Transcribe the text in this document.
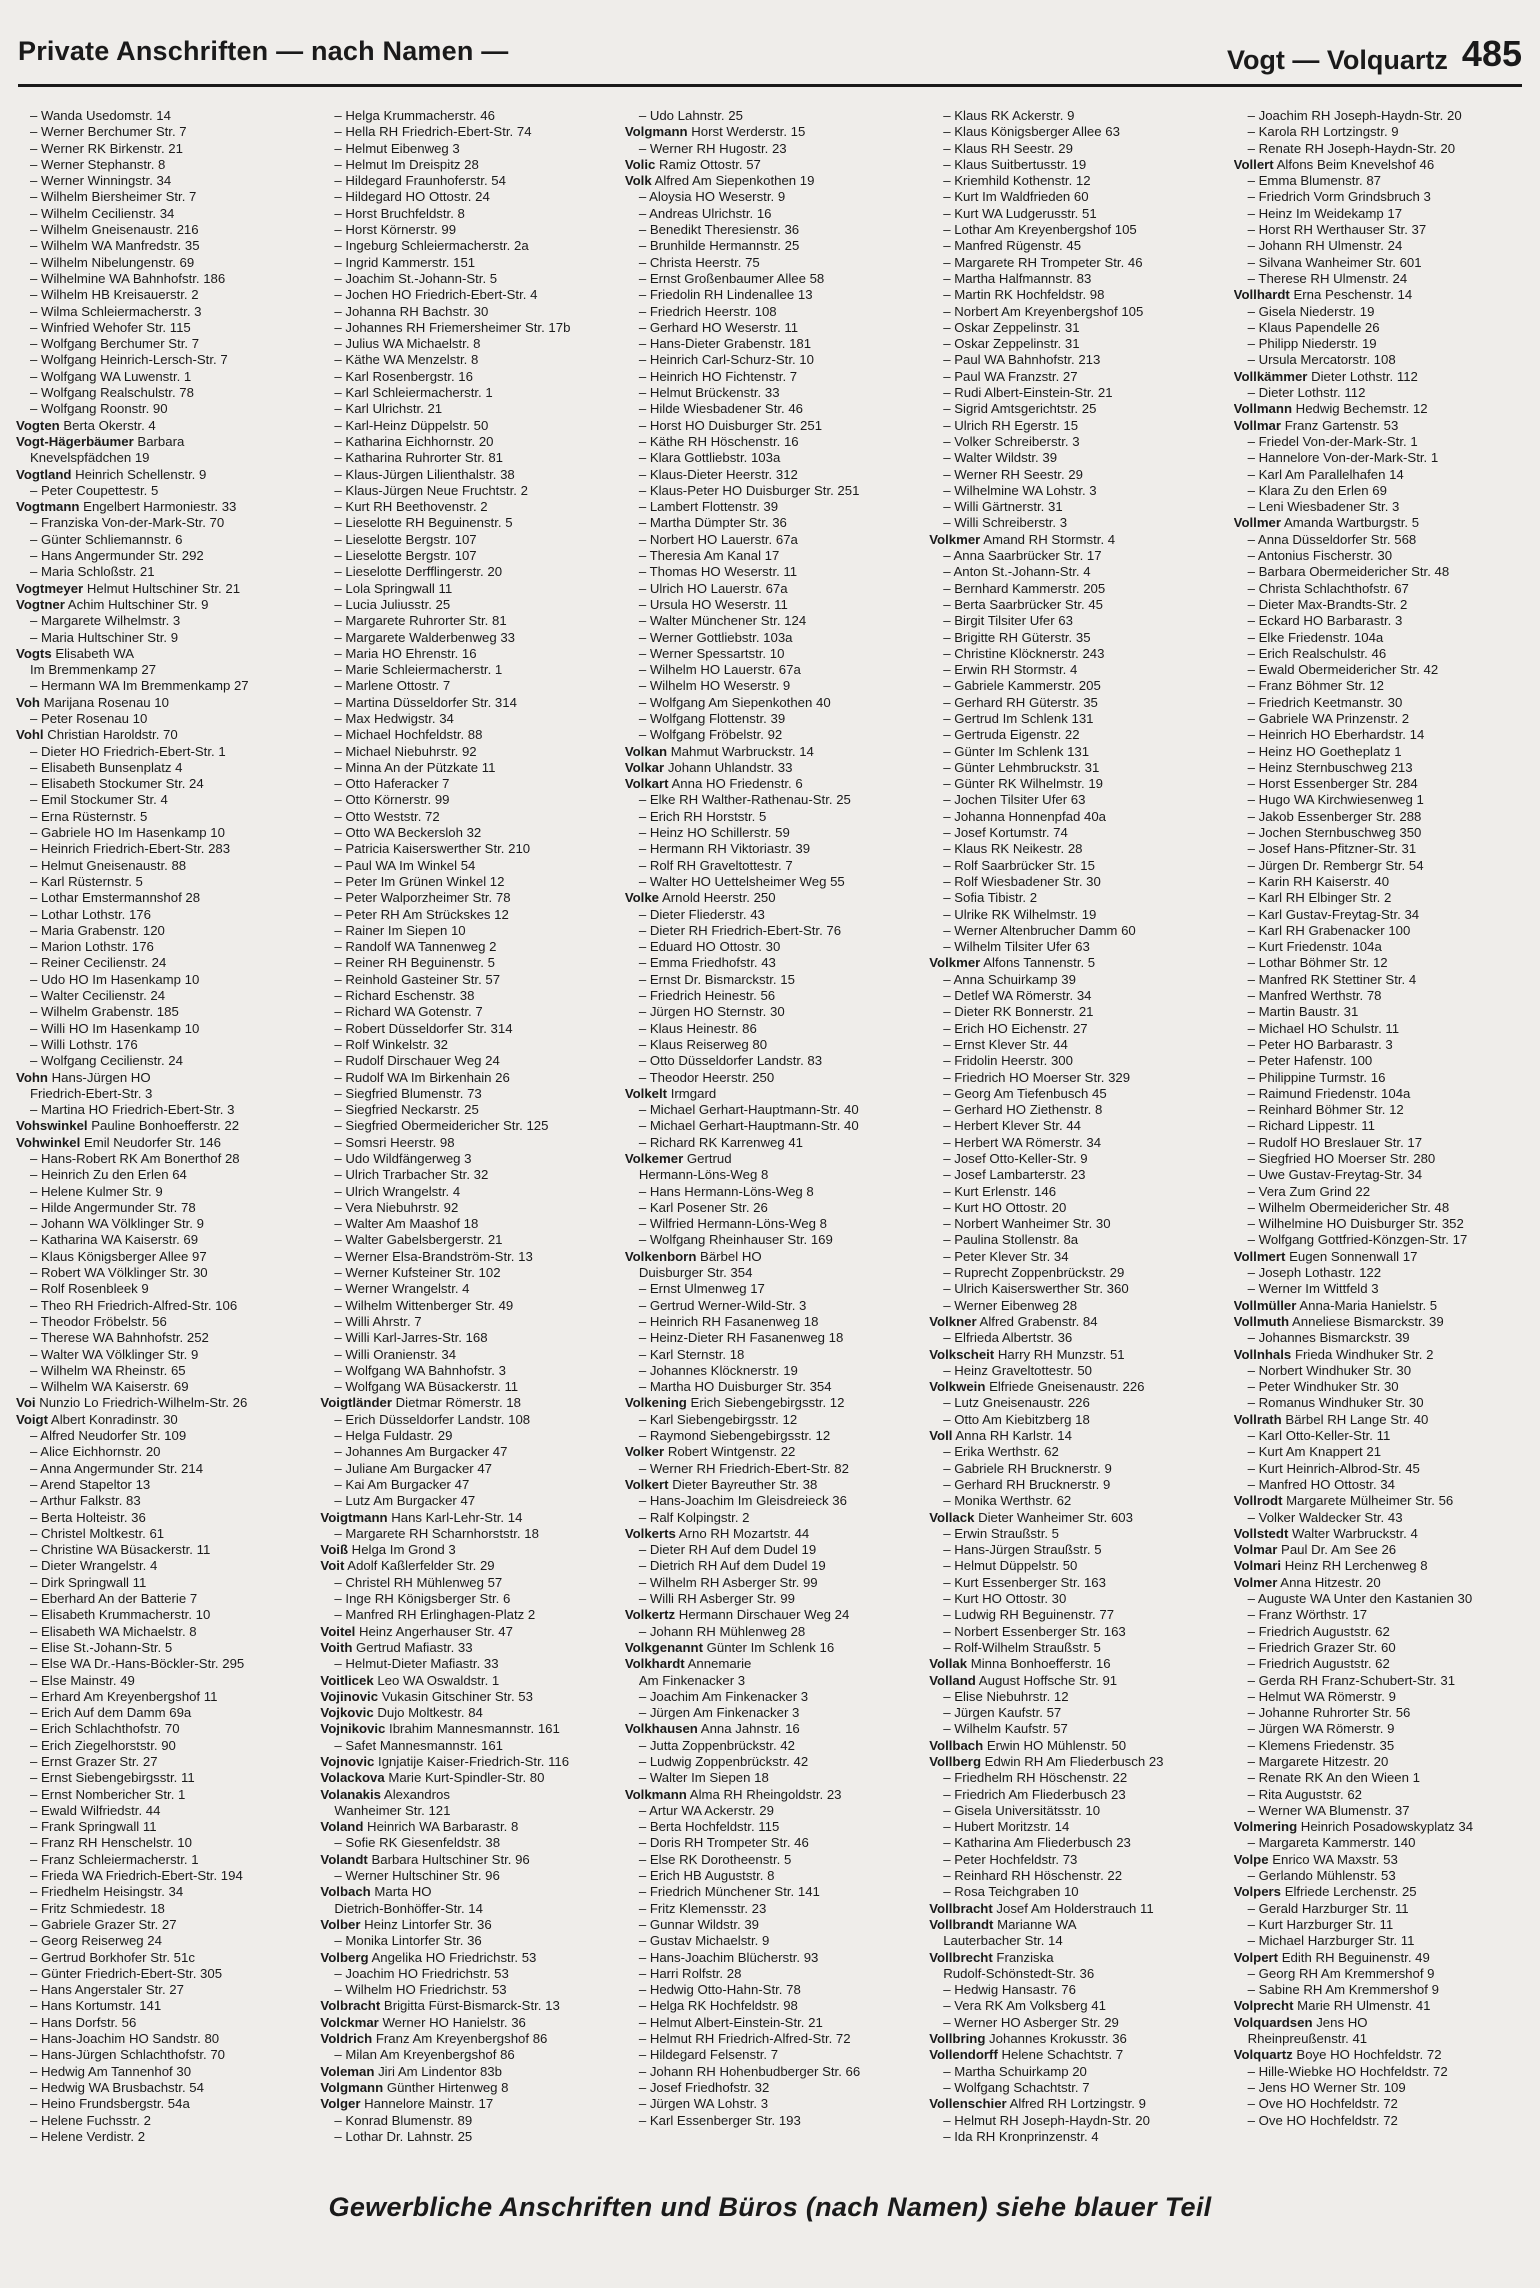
Private Anschriften — nach Namen —	Vogt — Volquartz 485
– Wanda Usedomstr. 14
– Werner Berchumer Str. 7
– Werner RK Birkenstr. 21
– Werner Stephanstr. 8
– Werner Winningstr. 34
– Wilhelm Biersheimer Str. 7
– Wilhelm Cecilienstr. 34
– Wilhelm Gneisenaustr. 216
– Wilhelm WA Manfredstr. 35
– Wilhelm Nibelungenstr. 69
– Wilhelmine WA Bahnhofstr. 186
– Wilhelm HB Kreisauerstr. 2
– Wilma Schleiermacherstr. 3
– Winfried Wehofer Str. 115
– Wolfgang Berchumer Str. 7
– Wolfgang Heinrich-Lersch-Str. 7
– Wolfgang WA Luwenstr. 1
– Wolfgang Realschulstr. 78
– Wolfgang Roonstr. 90
Vogten Berta Okerstr. 4
Vogt-Hägerbäumer Barbara
Knevelspfädchen 19
Vogtland Heinrich Schellenstr. 9
– Peter Coupettestr. 5
Vogtmann Engelbert Harmoniestr. 33
– Franziska Von-der-Mark-Str. 70
– Günter Schliemannstr. 6
– Hans Angermunder Str. 292
– Maria Schloßstr. 21
Vogtmeyer Helmut Hultschiner Str. 21
Vogtner Achim Hultschiner Str. 9
– Margarete Wilhelmstr. 3
– Maria Hultschiner Str. 9
Vogts Elisabeth WA
Im Bremmenkamp 27
– Hermann WA Im Bremmenkamp 27
Voh Marijana Rosenau 10
– Peter Rosenau 10
Vohl Christian Haroldstr. 70
– Dieter HO Friedrich-Ebert-Str. 1
– Elisabeth Bunsenplatz 4
– Elisabeth Stockumer Str. 24
– Emil Stockumer Str. 4
– Erna Rüsternstr. 5
– Gabriele HO Im Hasenkamp 10
– Heinrich Friedrich-Ebert-Str. 283
– Helmut Gneisenaustr. 88
– Karl Rüsternstr. 5
– Lothar Emstermannshof 28
– Lothar Lothstr. 176
– Maria Grabenstr. 120
– Marion Lothstr. 176
– Reiner Cecilienstr. 24
– Udo HO Im Hasenkamp 10
– Walter Cecilienstr. 24
– Wilhelm Grabenstr. 185
– Willi HO Im Hasenkamp 10
– Willi Lothstr. 176
– Wolfgang Cecilienstr. 24
Vohn Hans-Jürgen HO
Friedrich-Ebert-Str. 3
– Martina HO Friedrich-Ebert-Str. 3
Vohswinkel Pauline Bonhoefferstr. 22
Vohwinkel Emil Neudorfer Str. 146
– Hans-Robert RK Am Bonerthof 28
– Heinrich Zu den Erlen 64
– Helene Kulmer Str. 9
– Hilde Angermunder Str. 78
– Johann WA Völklinger Str. 9
– Katharina WA Kaiserstr. 69
– Klaus Königsberger Allee 97
– Robert WA Völklinger Str. 30
– Rolf Rosenbleek 9
– Theo RH Friedrich-Alfred-Str. 106
– Theodor Fröbelstr. 56
– Therese WA Bahnhofstr. 252
– Walter WA Völklinger Str. 9
– Wilhelm WA Rheinstr. 65
– Wilhelm WA Kaiserstr. 69
Voi Nunzio Lo Friedrich-Wilhelm-Str. 26
Voigt Albert Konradinstr. 30
– Alfred Neudorfer Str. 109
– Alice Eichhornstr. 20
– Anna Angermunder Str. 214
– Arend Stapeltor 13
– Arthur Falkstr. 83
– Berta Holteistr. 36
– Christel Moltkestr. 61
– Christine WA Büsackerstr. 11
– Dieter Wrangelstr. 4
– Dirk Springwall 11
– Eberhard An der Batterie 7
– Elisabeth Krummacherstr. 10
– Elisabeth WA Michaelstr. 8
– Elise St.-Johann-Str. 5
– Else WA Dr.-Hans-Böckler-Str. 295
– Else Mainstr. 49
– Erhard Am Kreyenbergshof 11
– Erich Auf dem Damm 69a
– Erich Schlachthofstr. 70
– Erich Ziegelhorststr. 90
– Ernst Grazer Str. 27
– Ernst Siebengebirgsstr. 11
– Ernst Nombericher Str. 1
– Ewald Wilfriedstr. 44
– Frank Springwall 11
– Franz RH Henschelstr. 10
– Franz Schleiermacherstr. 1
– Frieda WA Friedrich-Ebert-Str. 194
– Friedhelm Heisingstr. 34
– Fritz Schmiedestr. 18
– Gabriele Grazer Str. 27
– Georg Reiserweg 24
– Gertrud Borkhofer Str. 51c
– Günter Friedrich-Ebert-Str. 305
– Hans Angerstaler Str. 27
– Hans Kortumstr. 141
– Hans Dorfstr. 56
– Hans-Joachim HO Sandstr. 80
– Hans-Jürgen Schlachthofstr. 70
– Hedwig Am Tannenhof 30
– Hedwig WA Brusbachstr. 54
– Heino Frundsbergstr. 54a
– Helene Fuchsstr. 2
– Helene Verdistr. 2
– Helga Krummacherstr. 46
– Hella RH Friedrich-Ebert-Str. 74
– Helmut Eibenweg 3
– Helmut Im Dreispitz 28
– Hildegard Fraunhoferstr. 54
– Hildegard HO Ottostr. 24
– Horst Bruchfeldstr. 8
– Horst Körnerstr. 99
– Ingeburg Schleiermacherstr. 2a
– Ingrid Kammerstr. 151
– Joachim St.-Johann-Str. 5
– Jochen HO Friedrich-Ebert-Str. 4
– Johanna RH Bachstr. 30
– Johannes RH Friemersheimer Str. 17b
– Julius WA Michaelstr. 8
– Käthe WA Menzelstr. 8
– Karl Rosenbergstr. 16
– Karl Schleiermacherstr. 1
– Karl Ulrichstr. 21
– Karl-Heinz Düppelstr. 50
– Katharina Eichhornstr. 20
– Katharina Ruhrorter Str. 81
– Klaus-Jürgen Lilienthalstr. 38
– Klaus-Jürgen Neue Fruchtstr. 2
– Kurt RH Beethovenstr. 2
– Lieselotte RH Beguinenstr. 5
– Lieselotte Bergstr. 107
– Lieselotte Bergstr. 107
– Lieselotte Derfflingerstr. 20
– Lola Springwall 11
– Lucia Juliusstr. 25
– Margarete Ruhrorter Str. 81
– Margarete Walderbenweg 33
– Maria HO Ehrenstr. 16
– Marie Schleiermacherstr. 1
– Marlene Ottostr. 7
– Martina Düsseldorfer Str. 314
– Max Hedwigstr. 34
– Michael Hochfeldstr. 88
– Michael Niebuhrstr. 92
– Minna An der Pützkate 11
– Otto Haferacker 7
– Otto Körnerstr. 99
– Otto Weststr. 72
– Otto WA Beckersloh 32
– Patricia Kaiserswerther Str. 210
– Paul WA Im Winkel 54
– Peter Im Grünen Winkel 12
– Peter Walporzheimer Str. 78
– Peter RH Am Strückskes 12
– Rainer Im Siepen 10
– Randolf WA Tannenweg 2
– Reiner RH Beguinenstr. 5
– Reinhold Gasteiner Str. 57
– Richard Eschenstr. 38
– Richard WA Gotenstr. 7
– Robert Düsseldorfer Str. 314
– Rolf Winkelstr. 32
– Rudolf Dirschauer Weg 24
– Rudolf WA Im Birkenhain 26
– Siegfried Blumenstr. 73
– Siegfried Neckarstr. 25
– Siegfried Obermeidericher Str. 125
– Somsri Heerstr. 98
– Udo Wildfängerweg 3
– Ulrich Trarbacher Str. 32
– Ulrich Wrangelstr. 4
– Vera Niebuhrstr. 92
– Walter Am Maashof 18
– Walter Gabelsbergerstr. 21
– Werner Elsa-Brandström-Str. 13
– Werner Kufsteiner Str. 102
– Werner Wrangelstr. 4
– Wilhelm Wittenberger Str. 49
– Willi Ahrstr. 7
– Willi Karl-Jarres-Str. 168
– Willi Oranienstr. 34
– Wolfgang WA Bahnhofstr. 3
– Wolfgang WA Büsackerstr. 11
Voigtländer Dietmar Römerstr. 18
– Erich Düsseldorfer Landstr. 108
– Helga Fuldastr. 29
– Johannes Am Burgacker 47
– Juliane Am Burgacker 47
– Kai Am Burgacker 47
– Lutz Am Burgacker 47
Voigtmann Hans Karl-Lehr-Str. 14
– Margarete RH Scharnhorststr. 18
Voiß Helga Im Grond 3
Voit Adolf Kaßlerfelder Str. 29
– Christel RH Mühlenweg 57
– Inge RH Königsberger Str. 6
– Manfred RH Erlinghagen-Platz 2
Voitel Heinz Angerhauser Str. 47
Voith Gertrud Mafiastr. 33
– Helmut-Dieter Mafiastr. 33
Voitlicek Leo WA Oswaldstr. 1
Vojinovic Vukasin Gitschiner Str. 53
Vojkovic Dujo Moltkestr. 84
Vojnikovic Ibrahim Mannesmannstr. 161
– Safet Mannesmannstr. 161
Vojnovic Ignjatije Kaiser-Friedrich-Str. 116
Volackova Marie Kurt-Spindler-Str. 80
Volanakis Alexandros
Wanheimer Str. 121
Voland Heinrich WA Barbarastr. 8
– Sofie RK Giesenfeldstr. 38
Volandt Barbara Hultschiner Str. 96
– Werner Hultschiner Str. 96
Volbach Marta HO
Dietrich-Bonhöffer-Str. 14
Volber Heinz Lintorfer Str. 36
– Monika Lintorfer Str. 36
Volberg Angelika HO Friedrichstr. 53
– Joachim HO Friedrichstr. 53
– Wilhelm HO Friedrichstr. 53
Volbracht Brigitta Fürst-Bismarck-Str. 13
Volckmar Werner HO Hanielstr. 36
Voldrich Franz Am Kreyenbergshof 86
– Milan Am Kreyenbergshof 86
Voleman Jiri Am Lindentor 83b
Volgmann Günther Hirtenweg 8
Volger Hannelore Mainstr. 17
– Konrad Blumenstr. 89
– Lothar Dr. Lahnstr. 25
– Udo Lahnstr. 25
Volgmann Horst Werderstr. 15
– Werner RH Hugostr. 23
Volic Ramiz Ottostr. 57
Volk Alfred Am Siepenkothen 19
– Aloysia HO Weserstr. 9
– Andreas Ulrichstr. 16
– Benedikt Theresienstr. 36
– Brunhilde Hermannstr. 25
– Christa Heerstr. 75
– Ernst Großenbaumer Allee 58
– Friedolin RH Lindenallee 13
– Friedrich Heerstr. 108
– Gerhard HO Weserstr. 11
– Hans-Dieter Grabenstr. 181
– Heinrich Carl-Schurz-Str. 10
– Heinrich HO Fichtenstr. 7
– Helmut Brückenstr. 33
– Hilde Wiesbadener Str. 46
– Horst HO Duisburger Str. 251
– Käthe RH Höschenstr. 16
– Klara Gottliebstr. 103a
– Klaus-Dieter Heerstr. 312
– Klaus-Peter HO Duisburger Str. 251
– Lambert Flottenstr. 39
– Martha Dümpter Str. 36
– Norbert HO Lauerstr. 67a
– Theresia Am Kanal 17
– Thomas HO Weserstr. 11
– Ulrich HO Lauerstr. 67a
– Ursula HO Weserstr. 11
– Walter Münchener Str. 124
– Werner Gottliebstr. 103a
– Werner Spessartstr. 10
– Wilhelm HO Lauerstr. 67a
– Wilhelm HO Weserstr. 9
– Wolfgang Am Siepenkothen 40
– Wolfgang Flottenstr. 39
– Wolfgang Fröbelstr. 92
Volkan Mahmut Warbruckstr. 14
Volkar Johann Uhlandstr. 33
Volkart Anna HO Friedenstr. 6
– Elke RH Walther-Rathenau-Str. 25
– Erich RH Horststr. 5
– Heinz HO Schillerstr. 59
– Hermann RH Viktoriastr. 39
– Rolf RH Graveltottestr. 7
– Walter HO Uettelsheimer Weg 55
Volke Arnold Heerstr. 250
– Dieter Fliederstr. 43
– Dieter RH Friedrich-Ebert-Str. 76
– Eduard HO Ottostr. 30
– Emma Friedhofstr. 43
– Ernst Dr. Bismarckstr. 15
– Friedrich Heinestr. 56
– Jürgen HO Sternstr. 30
– Klaus Heinestr. 86
– Klaus Reiserweg 80
– Otto Düsseldorfer Landstr. 83
– Theodor Heerstr. 250
Volkelt Irmgard
– Michael Gerhart-Hauptmann-Str. 40
– Michael Gerhart-Hauptmann-Str. 40
– Richard RK Karrenweg 41
Volkemer Gertrud
Hermann-Löns-Weg 8
– Hans Hermann-Löns-Weg 8
– Karl Posener Str. 26
– Wilfried Hermann-Löns-Weg 8
– Wolfgang Rheinhauser Str. 169
Volkenborn Bärbel HO
Duisburger Str. 354
– Ernst Ulmenweg 17
– Gertrud Werner-Wild-Str. 3
– Heinrich RH Fasanenweg 18
– Heinz-Dieter RH Fasanenweg 18
– Karl Sternstr. 18
– Johannes Klöcknerstr. 19
– Martha HO Duisburger Str. 354
Volkening Erich Siebengebirgsstr. 12
– Karl Siebengebirgsstr. 12
– Raymond Siebengebirgsstr. 12
Volker Robert Wintgenstr. 22
– Werner RH Friedrich-Ebert-Str. 82
Volkert Dieter Bayreuther Str. 38
– Hans-Joachim Im Gleisdreieck 36
– Ralf Kolpingstr. 2
Volkerts Arno RH Mozartstr. 44
– Dieter RH Auf dem Dudel 19
– Dietrich RH Auf dem Dudel 19
– Wilhelm RH Asberger Str. 99
– Willi RH Asberger Str. 99
Volkertz Hermann Dirschauer Weg 24
– Johann RH Mühlenweg 28
Volkgenannt Günter Im Schlenk 16
Volkhardt Annemarie
Am Finkenacker 3
– Joachim Am Finkenacker 3
– Jürgen Am Finkenacker 3
Volkhausen Anna Jahnstr. 16
– Jutta Zoppenbrückstr. 42
– Ludwig Zoppenbrückstr. 42
– Walter Im Siepen 18
Volkmann Alma RH Rheingoldstr. 23
– Artur WA Ackerstr. 29
– Berta Hochfeldstr. 115
– Doris RH Trompeter Str. 46
– Else RK Dorotheenstr. 5
– Erich HB Auguststr. 8
– Friedrich Münchener Str. 141
– Fritz Klemensstr. 23
– Gunnar Wildstr. 39
– Gustav Michaelstr. 9
– Hans-Joachim Blücherstr. 93
– Harri Rolfstr. 28
– Hedwig Otto-Hahn-Str. 78
– Helga RK Hochfeldstr. 98
– Helmut Albert-Einstein-Str. 21
– Helmut RH Friedrich-Alfred-Str. 72
– Hildegard Felsenstr. 7
– Johann RH Hohenbudberger Str. 66
– Josef Friedhofstr. 32
– Jürgen WA Lohstr. 3
– Karl Essenberger Str. 193
– Klaus RK Ackerstr. 9
– Klaus Königsberger Allee 63
– Klaus RH Seestr. 29
– Klaus Suitbertusstr. 19
– Kriemhild Kothenstr. 12
– Kurt Im Waldfrieden 60
– Kurt WA Ludgerusstr. 51
– Lothar Am Kreyenbergshof 105
– Manfred Rügenstr. 45
– Margarete RH Trompeter Str. 46
– Martha Halfmannstr. 83
– Martin RK Hochfeldstr. 98
– Norbert Am Kreyenbergshof 105
– Oskar Zeppelinstr. 31
– Oskar Zeppelinstr. 31
– Paul WA Bahnhofstr. 213
– Paul WA Franzstr. 27
– Rudi Albert-Einstein-Str. 21
– Sigrid Amtsgerichtstr. 25
– Ulrich RH Egerstr. 15
– Volker Schreiberstr. 3
– Walter Wildstr. 39
– Werner RH Seestr. 29
– Wilhelmine WA Lohstr. 3
– Willi Gärtnerstr. 31
– Willi Schreiberstr. 3
Volkmer Amand RH Stormstr. 4
– Anna Saarbrücker Str. 17
– Anton St.-Johann-Str. 4
– Bernhard Kammerstr. 205
– Berta Saarbrücker Str. 45
– Birgit Tilsiter Ufer 63
– Brigitte RH Güterstr. 35
– Christine Klöcknerstr. 243
– Erwin RH Stormstr. 4
– Gabriele Kammerstr. 205
– Gerhard RH Güterstr. 35
– Gertrud Im Schlenk 131
– Gertruda Eigenstr. 22
– Günter Im Schlenk 131
– Günter Lehmbruckstr. 31
– Günter RK Wilhelmstr. 19
– Jochen Tilsiter Ufer 63
– Johanna Honnenpfad 40a
– Josef Kortumstr. 74
– Klaus RK Neikestr. 28
– Rolf Saarbrücker Str. 15
– Rolf Wiesbadener Str. 30
– Sofia Tibistr. 2
– Ulrike RK Wilhelmstr. 19
– Werner Altenbrucher Damm 60
– Wilhelm Tilsiter Ufer 63
Volkmer Alfons Tannenstr. 5
– Anna Schuirkamp 39
– Detlef WA Römerstr. 34
– Dieter RK Bonnerstr. 21
– Erich HO Eichenstr. 27
– Ernst Klever Str. 44
– Fridolin Heerstr. 300
– Friedrich HO Moerser Str. 329
– Georg Am Tiefenbusch 45
– Gerhard HO Ziethenstr. 8
– Herbert Klever Str. 44
– Herbert WA Römerstr. 34
– Josef Otto-Keller-Str. 9
– Josef Lambarterstr. 23
– Kurt Erlenstr. 146
– Kurt HO Ottostr. 20
– Norbert Wanheimer Str. 30
– Paulina Stollenstr. 8a
– Peter Klever Str. 34
– Ruprecht Zoppenbrückstr. 29
– Ulrich Kaiserswerther Str. 360
– Werner Eibenweg 28
Volkner Alfred Grabenstr. 84
– Elfrieda Albertstr. 36
Volkscheit Harry RH Munzstr. 51
– Heinz Graveltottestr. 50
Volkwein Elfriede Gneisenaustr. 226
– Lutz Gneisenaustr. 226
– Otto Am Kiebitzberg 18
Voll Anna RH Karlstr. 14
– Erika Werthstr. 62
– Gabriele RH Brucknerstr. 9
– Gerhard RH Brucknerstr. 9
– Monika Werthstr. 62
Vollack Dieter Wanheimer Str. 603
– Erwin Straußstr. 5
– Hans-Jürgen Straußstr. 5
– Helmut Düppelstr. 50
– Kurt Essenberger Str. 163
– Kurt HO Ottostr. 30
– Ludwig RH Beguinenstr. 77
– Norbert Essenberger Str. 163
– Rolf-Wilhelm Straußstr. 5
Vollak Minna Bonhoefferstr. 16
Volland August Hoffsche Str. 91
– Elise Niebuhrstr. 12
– Jürgen Kaufstr. 57
– Wilhelm Kaufstr. 57
Vollbach Erwin HO Mühlenstr. 50
Vollberg Edwin RH Am Fliederbusch 23
– Friedhelm RH Höschenstr. 22
– Friedrich Am Fliederbusch 23
– Gisela Universitätsstr. 10
– Hubert Moritzstr. 14
– Katharina Am Fliederbusch 23
– Peter Hochfeldstr. 73
– Reinhard RH Höschenstr. 22
– Rosa Teichgraben 10
Vollbracht Josef Am Holderstrauch 11
Vollbrandt Marianne WA
Lauterbacher Str. 14
Vollbrecht Franziska
Rudolf-Schönstedt-Str. 36
– Hedwig Hansastr. 76
– Vera RK Am Volksberg 41
– Werner HO Asberger Str. 29
Vollbring Johannes Krokusstr. 36
Vollendorff Helene Schachtstr. 7
– Martha Schuirkamp 20
– Wolfgang Schachtstr. 7
Vollenschier Alfred RH Lortzingstr. 9
– Helmut RH Joseph-Haydn-Str. 20
– Ida RH Kronprinzenstr. 4
– Joachim RH Joseph-Haydn-Str. 20
– Karola RH Lortzingstr. 9
– Renate RH Joseph-Haydn-Str. 20
Vollert Alfons Beim Knevelshof 46
– Emma Blumenstr. 87
– Friedrich Vorm Grindsbruch 3
– Heinz Im Weidekamp 17
– Horst RH Werthauser Str. 37
– Johann RH Ulmenstr. 24
– Silvana Wanheimer Str. 601
– Therese RH Ulmenstr. 24
Vollhardt Erna Peschenstr. 14
– Gisela Niederstr. 19
– Klaus Papendelle 26
– Philipp Niederstr. 19
– Ursula Mercatorstr. 108
Vollkämmer Dieter Lothstr. 112
– Dieter Lothstr. 112
Vollmann Hedwig Bechemstr. 12
Vollmar Franz Gartenstr. 53
– Friedel Von-der-Mark-Str. 1
– Hannelore Von-der-Mark-Str. 1
– Karl Am Parallelhafen 14
– Klara Zu den Erlen 69
– Leni Wiesbadener Str. 3
Vollmer Amanda Wartburgstr. 5
– Anna Düsseldorfer Str. 568
– Antonius Fischerstr. 30
– Barbara Obermeidericher Str. 48
– Christa Schlachthofstr. 67
– Dieter Max-Brandts-Str. 2
– Eckard HO Barbarastr. 3
– Elke Friedenstr. 104a
– Erich Realschulstr. 46
– Ewald Obermeidericher Str. 42
– Franz Böhmer Str. 12
– Friedrich Keetmanstr. 30
– Gabriele WA Prinzenstr. 2
– Heinrich HO Eberhardstr. 14
– Heinz HO Goetheplatz 1
– Heinz Sternbuschweg 213
– Horst Essenberger Str. 284
– Hugo WA Kirchwiesenweg 1
– Jakob Essenberger Str. 288
– Jochen Sternbuschweg 350
– Josef Hans-Pfitzner-Str. 31
– Jürgen Dr. Rembergr Str. 54
– Karin RH Kaiserstr. 40
– Karl RH Elbinger Str. 2
– Karl Gustav-Freytag-Str. 34
– Karl RH Grabenacker 100
– Kurt Friedenstr. 104a
– Lothar Böhmer Str. 12
– Manfred RK Stettiner Str. 4
– Manfred Werthstr. 78
– Martin Baustr. 31
– Michael HO Schulstr. 11
– Peter HO Barbarastr. 3
– Peter Hafenstr. 100
– Philippine Turmstr. 16
– Raimund Friedenstr. 104a
– Reinhard Böhmer Str. 12
– Richard Lippestr. 11
– Rudolf HO Breslauer Str. 17
– Siegfried HO Moerser Str. 280
– Uwe Gustav-Freytag-Str. 34
– Vera Zum Grind 22
– Wilhelm Obermeidericher Str. 48
– Wilhelmine HO Duisburger Str. 352
– Wolfgang Gottfried-Könzgen-Str. 17
Vollmert Eugen Sonnenwall 17
– Joseph Lothastr. 122
– Werner Im Wittfeld 3
Vollmüller Anna-Maria Hanielstr. 5
Vollmuth Anneliese Bismarckstr. 39
– Johannes Bismarckstr. 39
Vollnhals Frieda Windhuker Str. 2
– Norbert Windhuker Str. 30
– Peter Windhuker Str. 30
– Romanus Windhuker Str. 30
Vollrath Bärbel RH Lange Str. 40
– Karl Otto-Keller-Str. 11
– Kurt Am Knappert 21
– Kurt Heinrich-Albrod-Str. 45
– Manfred HO Ottostr. 34
Vollrodt Margarete Mülheimer Str. 56
– Volker Waldecker Str. 43
Vollstedt Walter Warbruckstr. 4
Volmar Paul Dr. Am See 26
Volmari Heinz RH Lerchenweg 8
Volmer Anna Hitzestr. 20
– Auguste WA Unter den Kastanien 30
– Franz Wörthstr. 17
– Friedrich Auguststr. 62
– Friedrich Grazer Str. 60
– Friedrich Auguststr. 62
– Gerda RH Franz-Schubert-Str. 31
– Helmut WA Römerstr. 9
– Johanne Ruhrorter Str. 56
– Jürgen WA Römerstr. 9
– Klemens Friedenstr. 35
– Margarete Hitzestr. 20
– Renate RK An den Wieen 1
– Rita Auguststr. 62
– Werner WA Blumenstr. 37
Volmering Heinrich Posadowskyplatz 34
– Margareta Kammerstr. 140
Volpe Enrico WA Maxstr. 53
– Gerlando Mühlenstr. 53
Volpers Elfriede Lerchenstr. 25
– Gerald Harzburger Str. 11
– Kurt Harzburger Str. 11
– Michael Harzburger Str. 11
Volpert Edith RH Beguinenstr. 49
– Georg RH Am Kremmershof 9
– Sabine RH Am Kremmershof 9
Volprecht Marie RH Ulmenstr. 41
Volquardsen Jens HO
Rheinpreußenstr. 41
Volquartz Boye HO Hochfeldstr. 72
– Hille-Wiebke HO Hochfeldstr. 72
– Jens HO Werner Str. 109
– Ove HO Hochfeldstr. 72
– Ove HO Hochfeldstr. 72
Gewerbliche Anschriften und Büros (nach Namen) siehe blauer Teil
